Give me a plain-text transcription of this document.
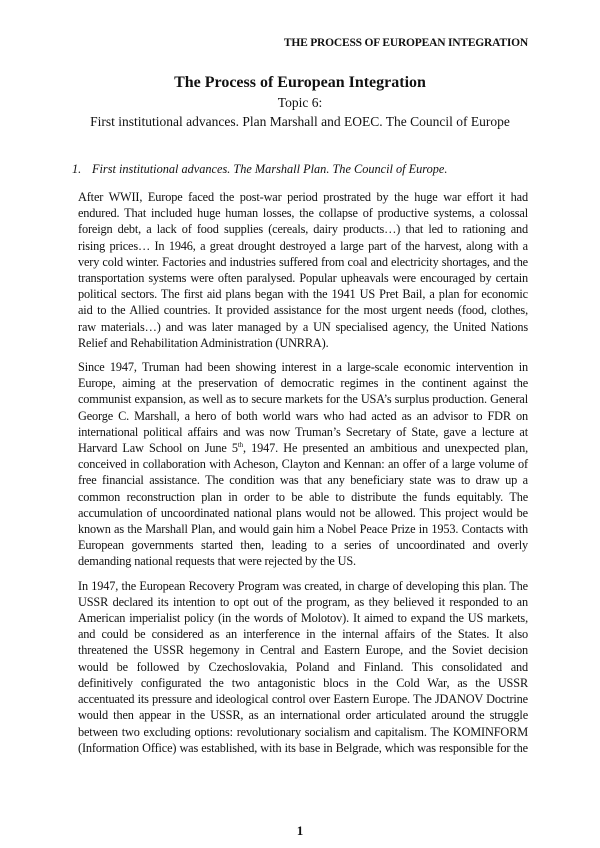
THE PROCESS OF EUROPEAN INTEGRATION
The Process of European Integration
Topic 6:
First institutional advances. Plan Marshall and EOEC. The Council of Europe
1. First institutional advances. The Marshall Plan. The Council of Europe.
After WWII, Europe faced the post-war period prostrated by the huge war effort it had
endured. That included huge human losses, the collapse of productive systems, a colossal
foreign debt, a lack of food supplies (cereals, dairy products…) that led to rationing and
rising prices… In 1946, a great drought destroyed a large part of the harvest, along with a
very cold winter. Factories and industries suffered from coal and electricity shortages, and the
transportation systems were often paralysed. Popular upheavals were encouraged by certain
political sectors. The first aid plans began with the 1941 US Pret Bail, a plan for economic
aid to the Allied countries. It provided assistance for the most urgent needs (food, clothes,
raw materials…) and was later managed by a UN specialised agency, the United Nations
Relief and Rehabilitation Administration (UNRRA).
Since 1947, Truman had been showing interest in a large-scale economic intervention in
Europe, aiming at the preservation of democratic regimes in the continent against the
communist expansion, as well as to secure markets for the USA’s surplus production. General
George C. Marshall, a hero of both world wars who had acted as an advisor to FDR on
international political affairs and was now Truman’s Secretary of State, gave a lecture at
Harvard Law School on June 5th, 1947. He presented an ambitious and unexpected plan,
conceived in collaboration with Acheson, Clayton and Kennan: an offer of a large volume of
free financial assistance. The condition was that any beneficiary state was to draw up a
common reconstruction plan in order to be able to distribute the funds equitably. The
accumulation of uncoordinated national plans would not be allowed. This project would be
known as the Marshall Plan, and would gain him a Nobel Peace Prize in 1953. Contacts with
European governments started then, leading to a series of uncoordinated and overly
demanding national requests that were rejected by the US.
In 1947, the European Recovery Program was created, in charge of developing this plan. The
USSR declared its intention to opt out of the program, as they believed it responded to an
American imperialist policy (in the words of Molotov). It aimed to expand the US markets,
and could be considered as an interference in the internal affairs of the States. It also
threatened the USSR hegemony in Central and Eastern Europe, and the Soviet decision
would be followed by Czechoslovakia, Poland and Finland. This consolidated and
definitively configurated the two antagonistic blocs in the Cold War, as the USSR
accentuated its pressure and ideological control over Eastern Europe. The JDANOV Doctrine
would then appear in the USSR, as an international order articulated around the struggle
between two excluding options: revolutionary socialism and capitalism. The KOMINFORM
(Information Office) was established, with its base in Belgrade, which was responsible for the
1
